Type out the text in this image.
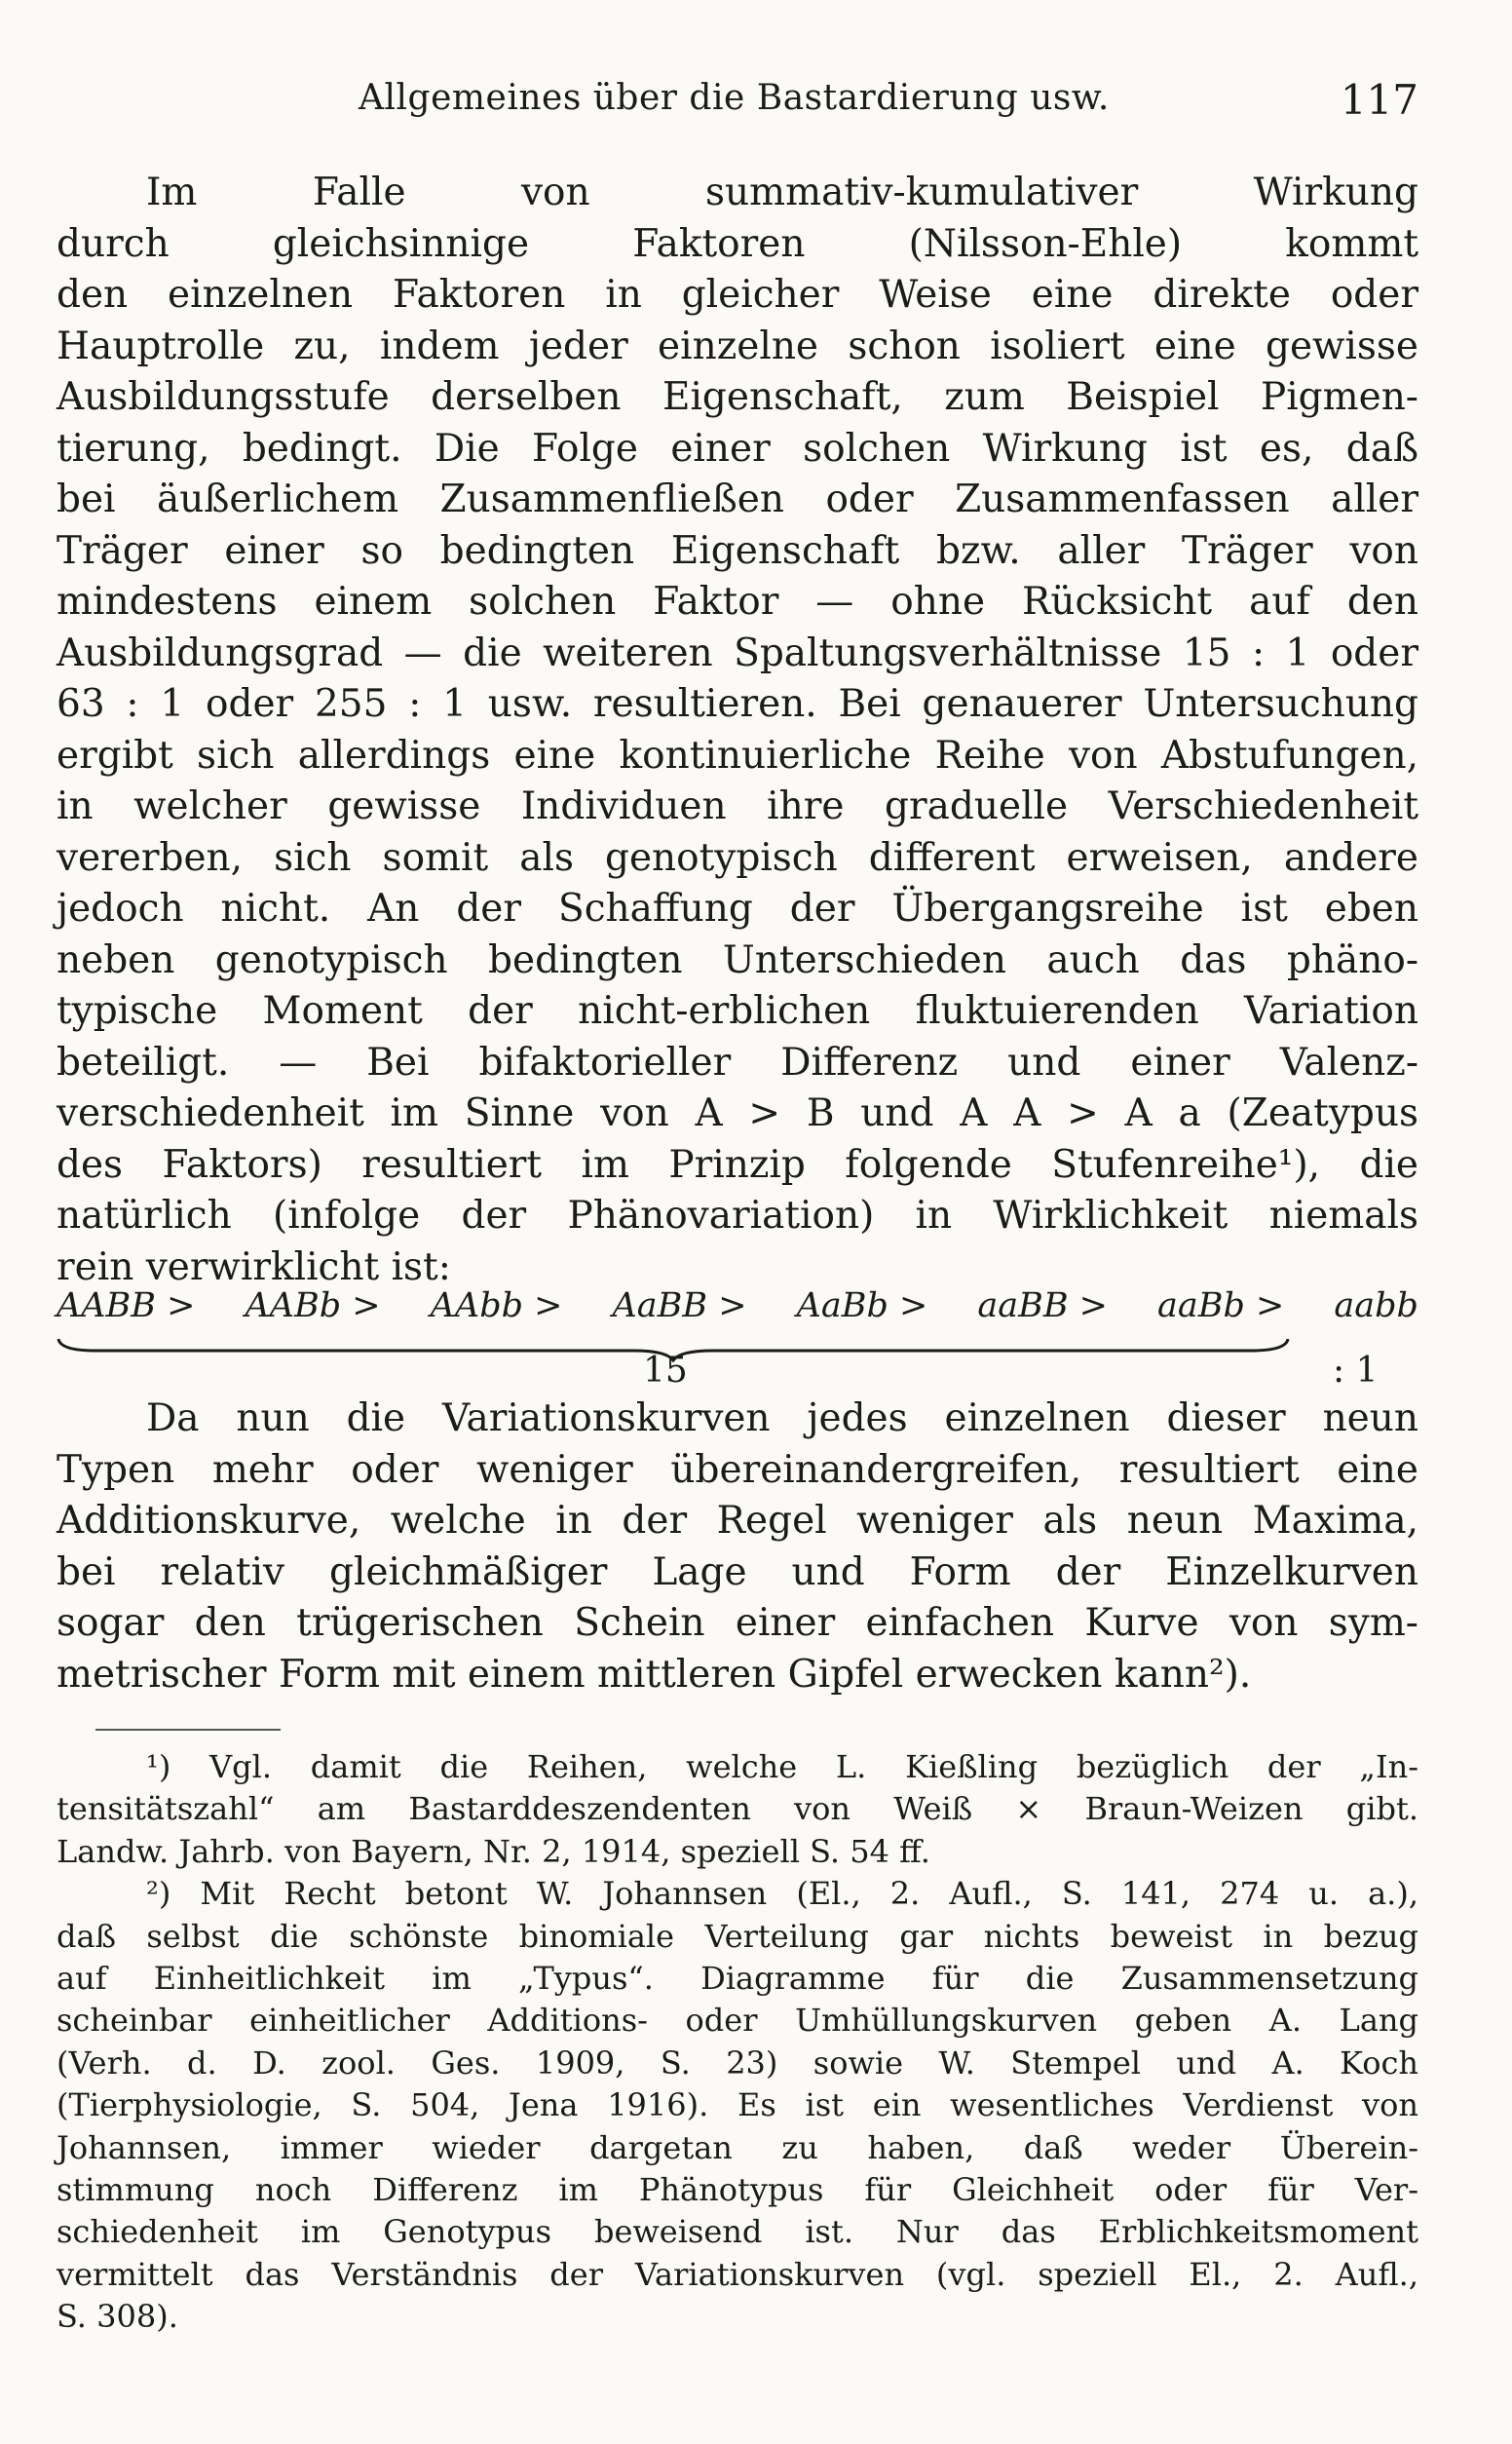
Allgemeines über die Bastardierung usw.	117
Im Falle von summativ-kumulativer Wirkung
durch gleichsinnige Faktoren (Nilsson-Ehle) kommt
den einzelnen Faktoren in gleicher Weise eine direkte oder
Hauptrolle zu, indem jeder einzelne schon isoliert eine gewisse
Ausbildungsstufe derselben Eigenschaft, zum Beispiel Pigmen-
tierung, bedingt. Die Folge einer solchen Wirkung ist es, daß
bei äußerlichem Zusammenfließen oder Zusammenfassen aller
Träger einer so bedingten Eigenschaft bzw. aller Träger von
mindestens einem solchen Faktor — ohne Rücksicht auf den
Ausbildungsgrad — die weiteren Spaltungsverhältnisse 15 : 1 oder
63 : 1 oder 255 : 1 usw. resultieren. Bei genauerer Untersuchung
ergibt sich allerdings eine kontinuierliche Reihe von Abstufungen,
in welcher gewisse Individuen ihre graduelle Verschiedenheit
vererben, sich somit als genotypisch different erweisen, andere
jedoch nicht. An der Schaffung der Übergangsreihe ist eben
neben genotypisch bedingten Unterschieden auch das phäno-
typische Moment der nicht-erblichen fluktuierenden Variation
beteiligt. — Bei bifaktorieller Differenz und einer Valenz-
verschiedenheit im Sinne von A > B und A A > A a (Zeatypus
des Faktors) resultiert im Prinzip folgende Stufenreihe¹), die
natürlich (infolge der Phänovariation) in Wirklichkeit niemals
rein verwirklicht ist:
AABB > AABb > AAbb > AaBB > AaBb > aaBB > aaBb > aabb
15	: 1
Da nun die Variationskurven jedes einzelnen dieser neun
Typen mehr oder weniger übereinandergreifen, resultiert eine
Additionskurve, welche in der Regel weniger als neun Maxima,
bei relativ gleichmäßiger Lage und Form der Einzelkurven
sogar den trügerischen Schein einer einfachen Kurve von sym-
metrischer Form mit einem mittleren Gipfel erwecken kann²).
¹) Vgl. damit die Reihen, welche L. Kießling bezüglich der „In-
tensitätszahl“ am Bastarddeszendenten von Weiß × Braun-Weizen gibt.
Landw. Jahrb. von Bayern, Nr. 2, 1914, speziell S. 54 ff.
²) Mit Recht betont W. Johannsen (El., 2. Aufl., S. 141, 274 u. a.),
daß selbst die schönste binomiale Verteilung gar nichts beweist in bezug
auf Einheitlichkeit im „Typus“. Diagramme für die Zusammensetzung
scheinbar einheitlicher Additions- oder Umhüllungskurven geben A. Lang
(Verh. d. D. zool. Ges. 1909, S. 23) sowie W. Stempel und A. Koch
(Tierphysiologie, S. 504, Jena 1916). Es ist ein wesentliches Verdienst von
Johannsen, immer wieder dargetan zu haben, daß weder Überein-
stimmung noch Differenz im Phänotypus für Gleichheit oder für Ver-
schiedenheit im Genotypus beweisend ist. Nur das Erblichkeitsmoment
vermittelt das Verständnis der Variationskurven (vgl. speziell El., 2. Aufl.,
S. 308).
